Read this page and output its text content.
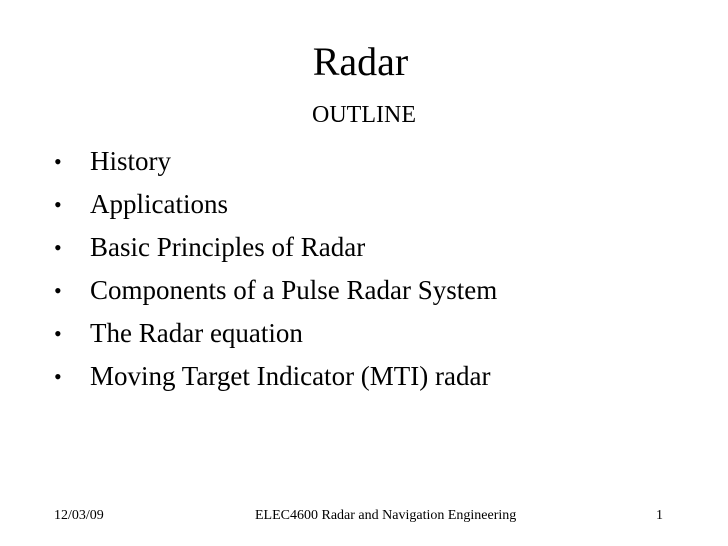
Radar
OUTLINE
•	History
•	Applications
•	Basic Principles of Radar
•	Components of a Pulse Radar System
•	The Radar equation
•	Moving Target Indicator (MTI) radar
12/03/09	ELEC4600 Radar and Navigation Engineering	1
